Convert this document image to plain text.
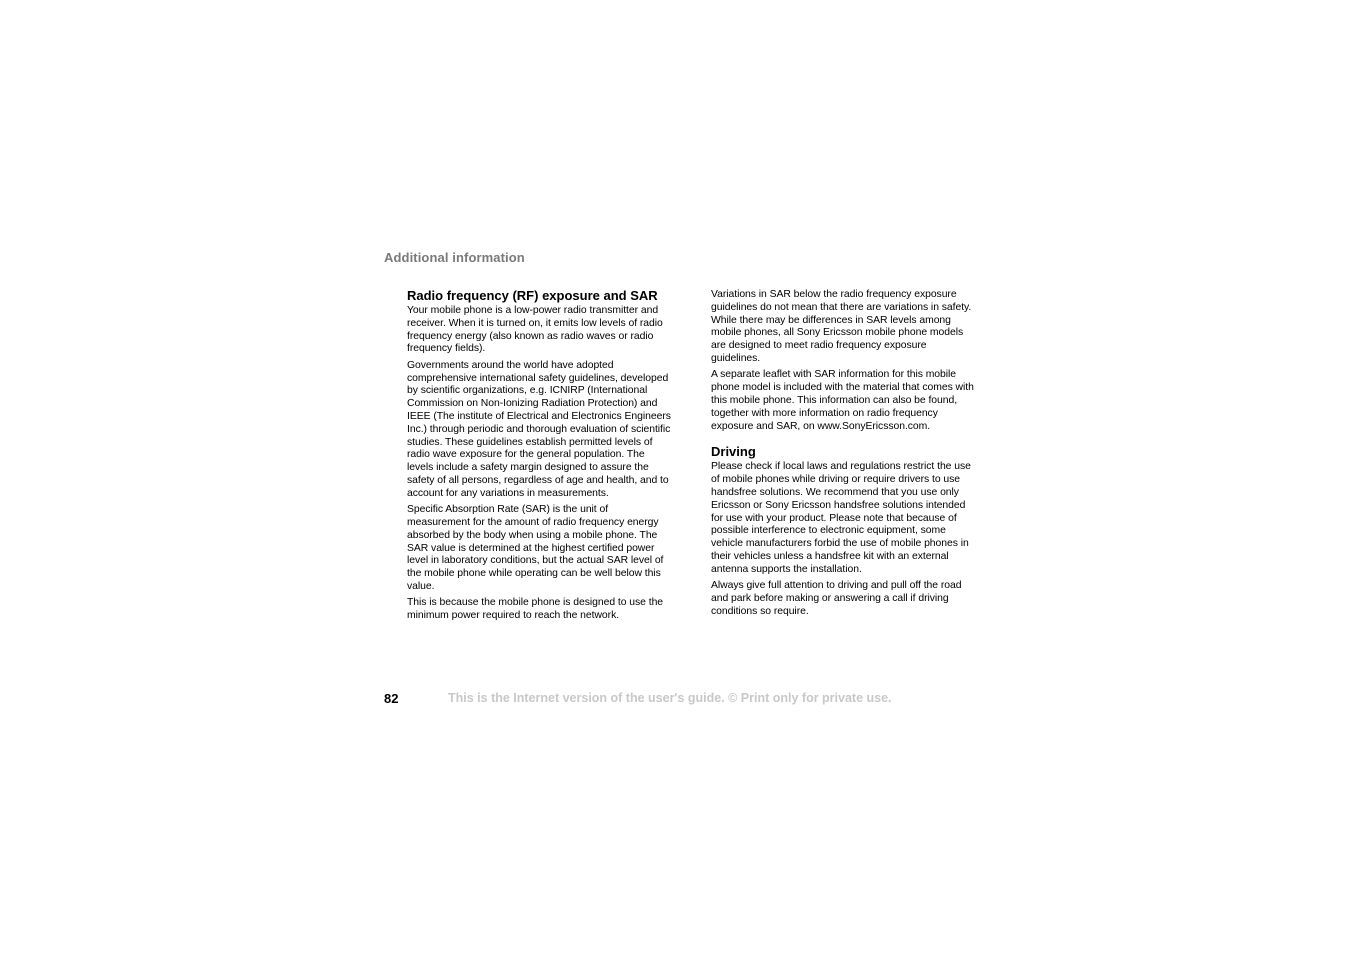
Additional information
Radio frequency (RF) exposure and SAR

Your mobile phone is a low-power radio transmitter and receiver. When it is turned on, it emits low levels of radio frequency energy (also known as radio waves or radio frequency fields).

Governments around the world have adopted comprehensive international safety guidelines, developed by scientific organizations, e.g. ICNIRP (International Commission on Non-Ionizing Radiation Protection) and IEEE (The institute of Electrical and Electronics Engineers Inc.) through periodic and thorough evaluation of scientific studies. These guidelines establish permitted levels of radio wave exposure for the general population. The levels include a safety margin designed to assure the safety of all persons, regardless of age and health, and to account for any variations in measurements.

Specific Absorption Rate (SAR) is the unit of measurement for the amount of radio frequency energy absorbed by the body when using a mobile phone. The SAR value is determined at the highest certified power level in laboratory conditions, but the actual SAR level of the mobile phone while operating can be well below this value.

This is because the mobile phone is designed to use the minimum power required to reach the network.

Variations in SAR below the radio frequency exposure guidelines do not mean that there are variations in safety. While there may be differences in SAR levels among mobile phones, all Sony Ericsson mobile phone models are designed to meet radio frequency exposure guidelines.

A separate leaflet with SAR information for this mobile phone model is included with the material that comes with this mobile phone. This information can also be found, together with more information on radio frequency exposure and SAR, on www.SonyEricsson.com.

Driving

Please check if local laws and regulations restrict the use of mobile phones while driving or require drivers to use handsfree solutions. We recommend that you use only Ericsson or Sony Ericsson handsfree solutions intended for use with your product. Please note that because of possible interference to electronic equipment, some vehicle manufacturers forbid the use of mobile phones in their vehicles unless a handsfree kit with an external antenna supports the installation.

Always give full attention to driving and pull off the road and park before making or answering a call if driving conditions so require.

82	This is the Internet version of the user's guide. © Print only for private use.
